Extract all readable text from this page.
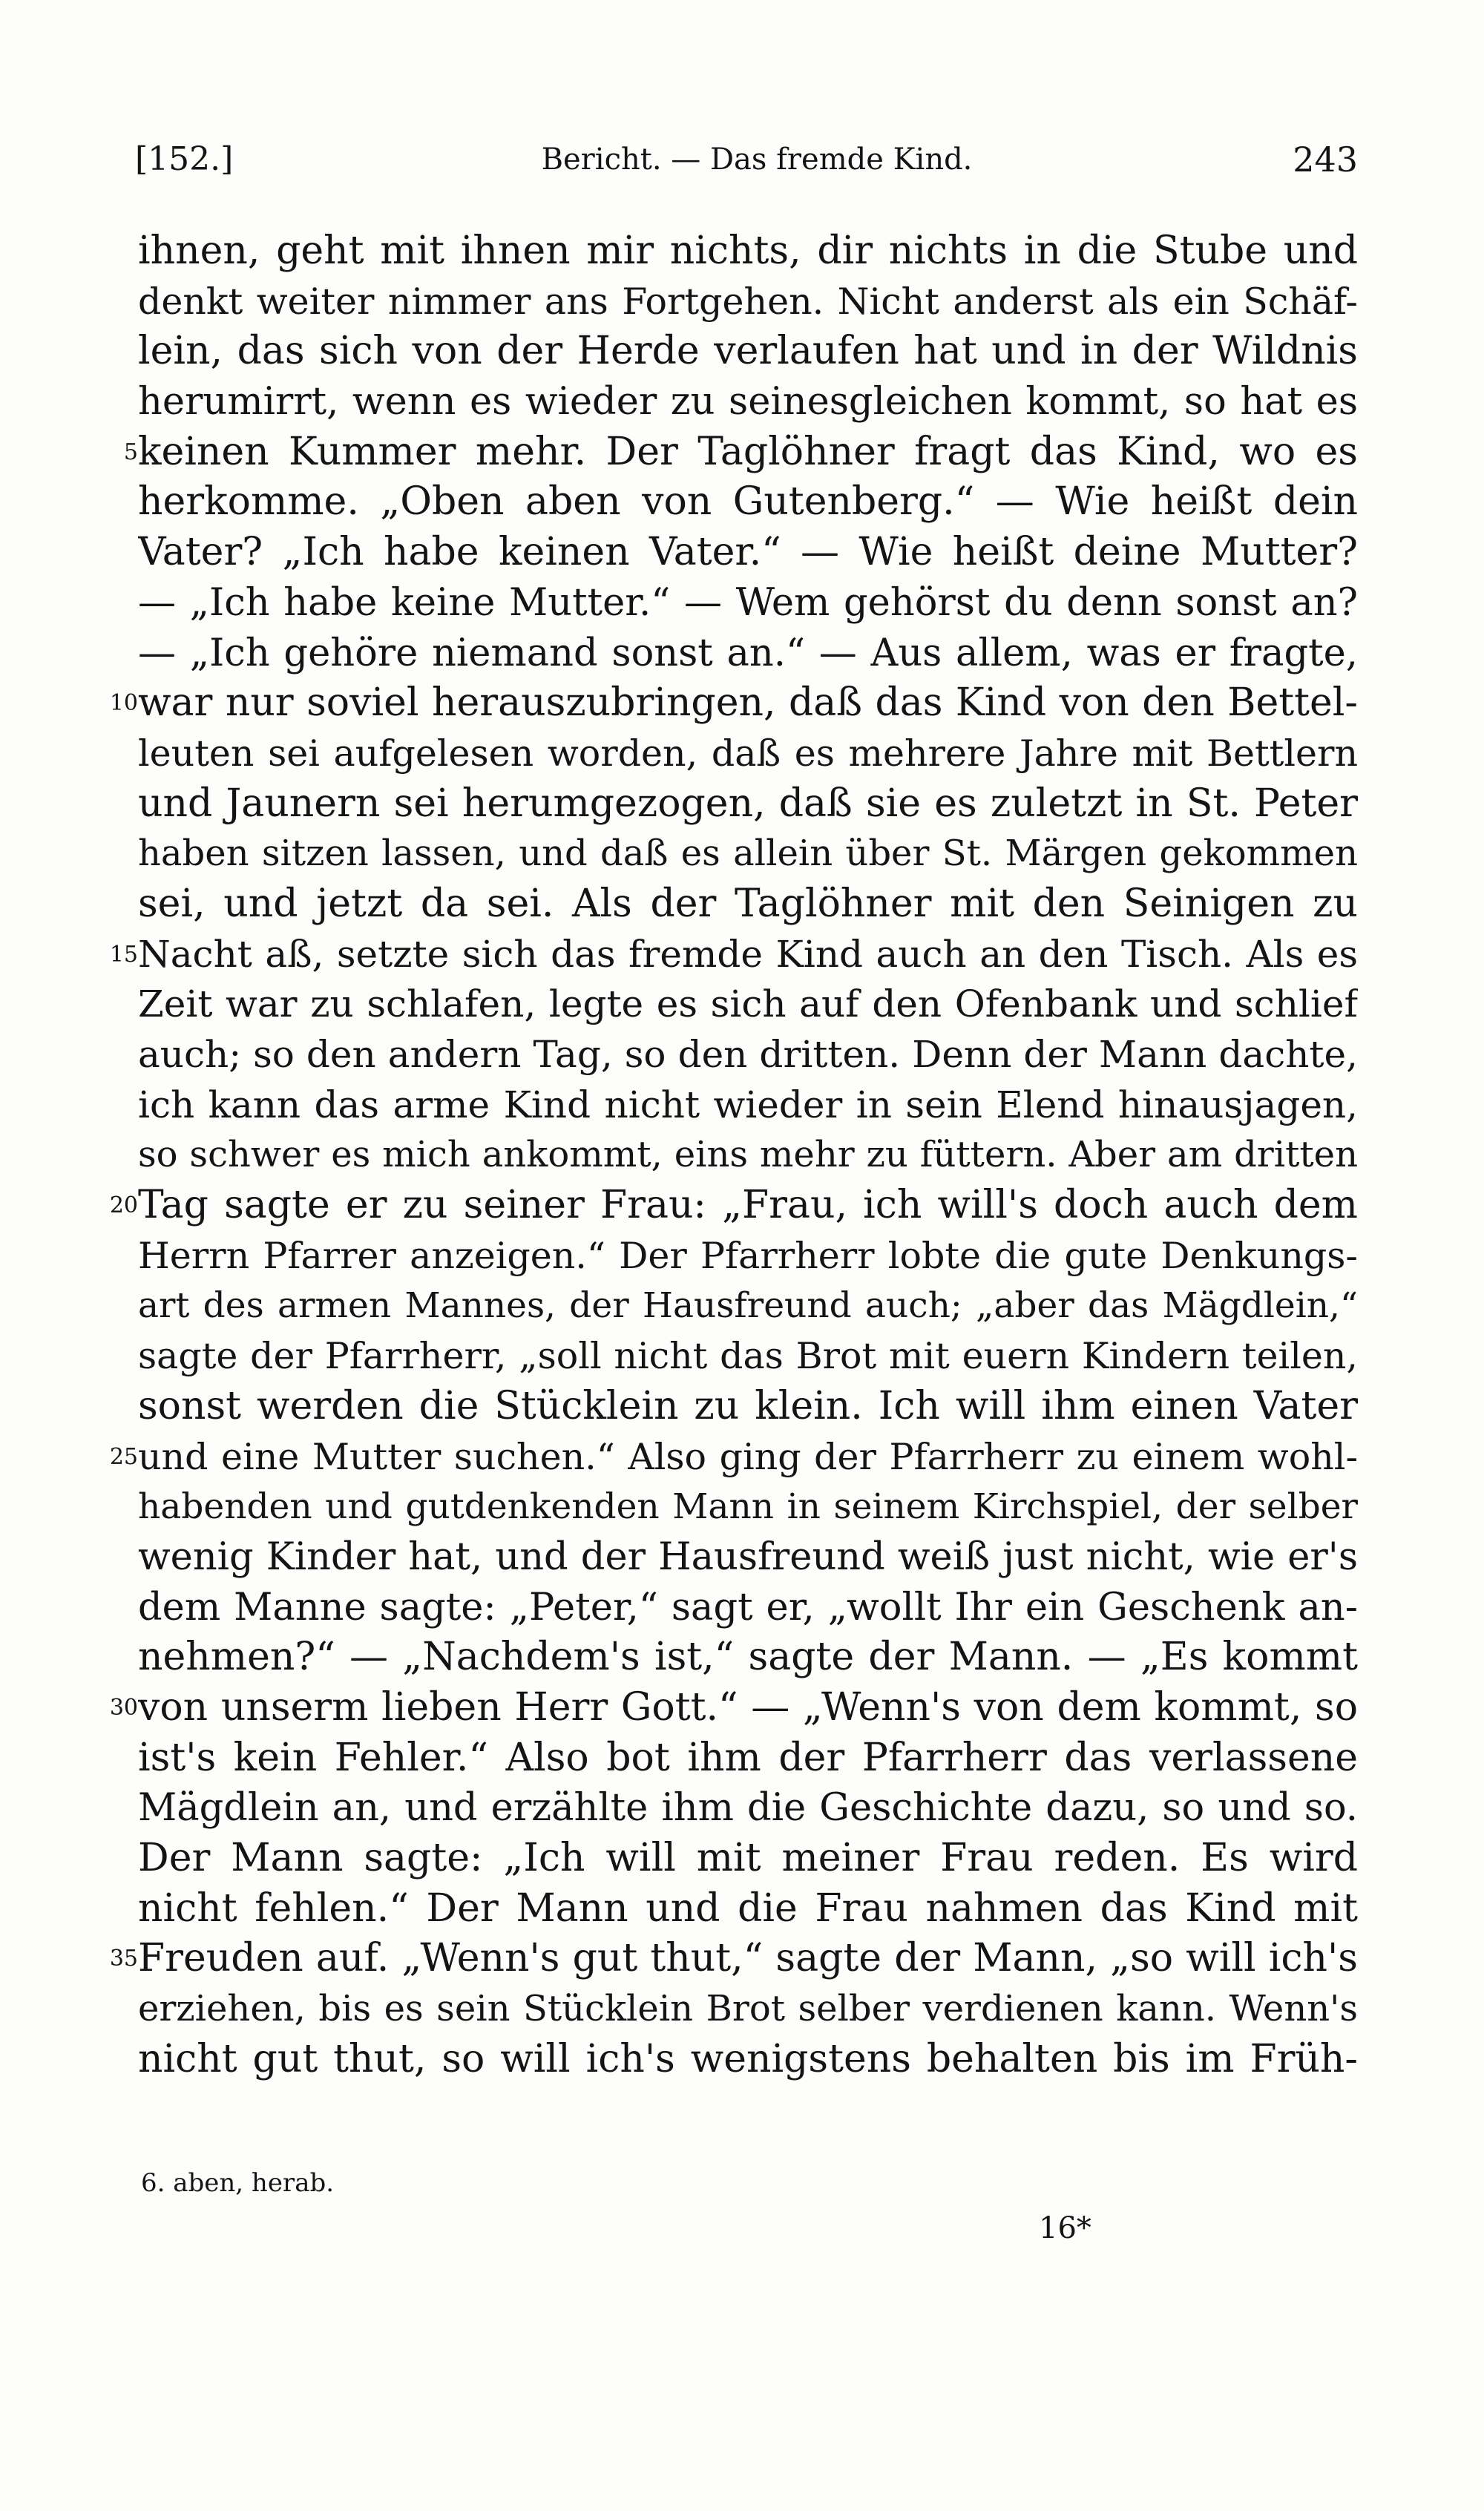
[152.]	Bericht. — Das fremde Kind.	243
ihnen, geht mit ihnen mir nichts, dir nichts in die Stube und
denkt weiter nimmer ans Fortgehen. Nicht anderst als ein Schäf-
lein, das sich von der Herde verlaufen hat und in der Wildnis
herumirrt, wenn es wieder zu seinesgleichen kommt, so hat es
5 keinen Kummer mehr. Der Taglöhner fragt das Kind, wo es
herkomme. „Oben aben von Gutenberg.“ — Wie heißt dein
Vater? „Ich habe keinen Vater.“ — Wie heißt deine Mutter?
— „Ich habe keine Mutter.“ — Wem gehörst du denn sonst an?
— „Ich gehöre niemand sonst an.“ — Aus allem, was er fragte,
10 war nur soviel herauszubringen, daß das Kind von den Bettel-
leuten sei aufgelesen worden, daß es mehrere Jahre mit Bettlern
und Jaunern sei herumgezogen, daß sie es zuletzt in St. Peter
haben sitzen lassen, und daß es allein über St. Märgen gekommen
sei, und jetzt da sei. Als der Taglöhner mit den Seinigen zu
15 Nacht aß, setzte sich das fremde Kind auch an den Tisch. Als es
Zeit war zu schlafen, legte es sich auf den Ofenbank und schlief
auch; so den andern Tag, so den dritten. Denn der Mann dachte,
ich kann das arme Kind nicht wieder in sein Elend hinausjagen,
so schwer es mich ankommt, eins mehr zu füttern. Aber am dritten
20 Tag sagte er zu seiner Frau: „Frau, ich will's doch auch dem
Herrn Pfarrer anzeigen.“ Der Pfarrherr lobte die gute Denkungs-
art des armen Mannes, der Hausfreund auch; „aber das Mägdlein,“
sagte der Pfarrherr, „soll nicht das Brot mit euern Kindern teilen,
sonst werden die Stücklein zu klein. Ich will ihm einen Vater
25 und eine Mutter suchen.“ Also ging der Pfarrherr zu einem wohl-
habenden und gutdenkenden Mann in seinem Kirchspiel, der selber
wenig Kinder hat, und der Hausfreund weiß just nicht, wie er's
dem Manne sagte: „Peter,“ sagt er, „wollt Ihr ein Geschenk an-
nehmen?“ — „Nachdem's ist,“ sagte der Mann. — „Es kommt
30 von unserm lieben Herr Gott.“ — „Wenn's von dem kommt, so
ist's kein Fehler.“ Also bot ihm der Pfarrherr das verlassene
Mägdlein an, und erzählte ihm die Geschichte dazu, so und so.
Der Mann sagte: „Ich will mit meiner Frau reden. Es wird
nicht fehlen.“ Der Mann und die Frau nahmen das Kind mit
35 Freuden auf. „Wenn's gut thut,“ sagte der Mann, „so will ich's
erziehen, bis es sein Stücklein Brot selber verdienen kann. Wenn's
nicht gut thut, so will ich's wenigstens behalten bis im Früh-
6. aben, herab.
16*
